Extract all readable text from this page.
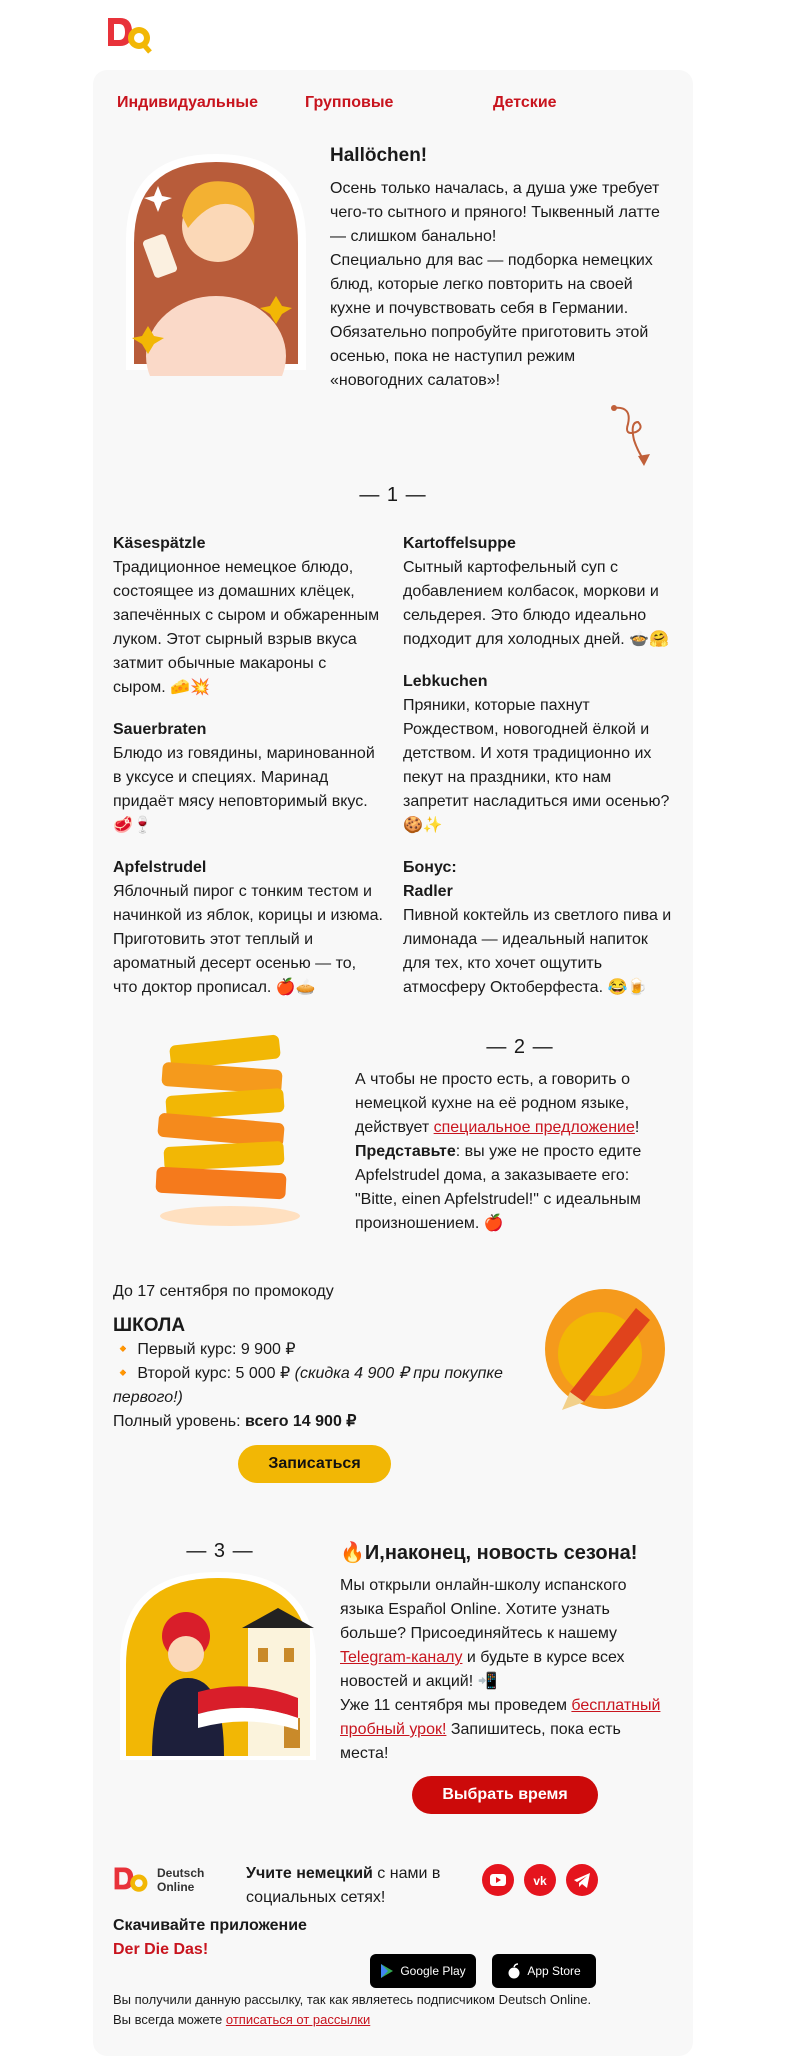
Индивидуальные	Групповые	Детские
Hallöchen!
Осень только началась, а душа уже требует
чего-то сытного и пряного! Тыквенный латте
— слишком банально!
Специально для вас — подборка немецких
блюд, которые легко повторить на своей
кухне и почувствовать себя в Германии.
Обязательно попробуйте приготовить этой
осенью, пока не наступил режим
«новогодних салатов»!
— 1 —
Käsespätzle
Традиционное немецкое блюдо,
состоящее из домашних клёцек,
запечённых с сыром и обжаренным
луком. Этот сырный взрыв вкуса
затмит обычные макароны с
сыром. 🧀💥
Kartoffelsuppe
Сытный картофельный суп с
добавлением колбасок, моркови и
сельдерея. Это блюдо идеально
подходит для холодных дней. 🍲🤗
Sauerbraten
Блюдо из говядины, маринованной
в уксусе и специях. Маринад
придаёт мясу неповторимый вкус.
🥩🍷
Lebkuchen
Пряники, которые пахнут
Рождеством, новогодней ёлкой и
детством. И хотя традиционно их
пекут на праздники, кто нам
запретит насладиться ими осенью?
🍪✨
Apfelstrudel
Яблочный пирог с тонким тестом и
начинкой из яблок, корицы и изюма.
Приготовить этот теплый и
ароматный десерт осенью — то,
что доктор прописал. 🍎🥧
Бонус:
Radler
Пивной коктейль из светлого пива и
лимонада — идеальный напиток
для тех, кто хочет ощутить
атмосферу Октоберфеста. 😂🍺
— 2 —
А чтобы не просто есть, а говорить о
немецкой кухне на её родном языке,
действует специальное предложение!
Представьте: вы уже не просто едите
Apfelstrudel дома, а заказываете его:
"Bitte, einen Apfelstrudel!" с идеальным
произношением. 🍎
До 17 сентября по промокоду
ШКОЛА
🔸 Первый курс: 9 900 ₽
🔸 Второй курс: 5 000 ₽ (скидка 4 900 ₽ при покупке
первого!)
Полный уровень: всего 14 900 ₽
Записаться
— 3 —	🔥И,наконец, новость сезона!
Мы открыли онлайн-школу испанского
языка Español Online. Хотите узнать
больше? Присоединяйтесь к нашему
Telegram-каналу и будьте в курсе всех
новостей и акций! 📲
Уже 11 сентября мы проведем бесплатный
пробный урок! Запишитесь, пока есть
места!
Выбрать время
Deutsch
Online
Учите немецкий с нами в
социальных сетях!
vk
Скачивайте приложение
Der Die Das!
Google Play	App Store
Вы получили данную рассылку, так как являетесь подписчиком Deutsch Online.
Вы всегда можете отписаться от рассылки
